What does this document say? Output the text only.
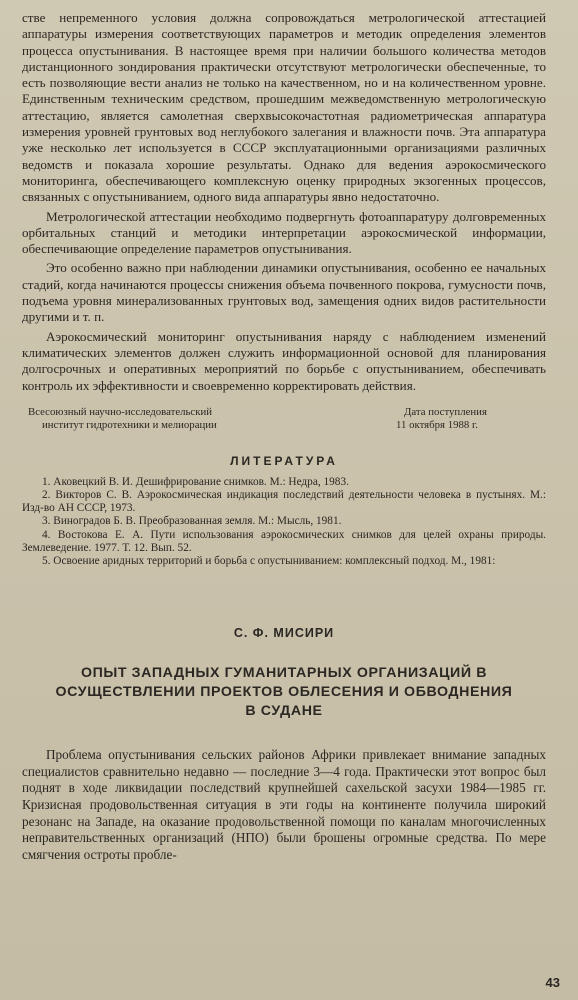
стве непременного условия должна сопровождаться метрологической аттестацией аппаратуры измерения соответствующих параметров и методик определения элементов процесса опустынивания. В настоящее время при наличии большого количества методов дистанционного зондирования практически отсутствуют метрологически обеспеченные, то есть позволяющие вести анализ не только на качественном, но и на количественном уровне. Единственным техническим средством, прошедшим межведомственную метрологическую аттестацию, является самолетная сверхвысокочастотная радиометрическая аппаратура измерения уровней грунтовых вод неглубокого залегания и влажности почв. Эта аппаратура уже несколько лет используется в СССР эксплуатационными организациями различных ведомств и показала хорошие результаты. Однако для ведения аэрокосмического мониторинга, обеспечивающего комплексную оценку природных экзогенных процессов, связанных с опустыниванием, одного вида аппаратуры явно недостаточно.

Метрологической аттестации необходимо подвергнуть фотоаппаратуру долговременных орбитальных станций и методики интерпретации аэрокосмической информации, обеспечивающие определение параметров опустынивания.

Это особенно важно при наблюдении динамики опустынивания, особенно ее начальных стадий, когда начинаются процессы снижения объема почвенного покрова, гумусности почв, подъема уровня минерализованных грунтовых вод, замещения одних видов растительности другими и т. п.

Аэрокосмический мониторинг опустынивания наряду с наблюдением изменений климатических элементов должен служить информационной основой для планирования долгосрочных и оперативных мероприятий по борьбе с опустыниванием, обеспечивать контроль их эффективности и своевременно корректировать действия.

Всесоюзный научно-исследовательский
институт гидротехники и мелиорации
Дата поступления
11 октября 1988 г.
ЛИТЕРАТУРА

1. Аковецкий В. И. Дешифрирование снимков. М.: Недра, 1983.

2. Викторов С. В. Аэрокосмическая индикация последствий деятельности человека в пустынях. М.: Изд-во АН СССР, 1973.

3. Виноградов Б. В. Преобразованная земля. М.: Мысль, 1981.

4. Востокова Е. А. Пути использования аэрокосмических снимков для целей охраны природы. Землеведение. 1977. Т. 12. Вып. 52.

5. Освоение аридных территорий и борьба с опустыниванием: комплексный подход. М., 1981:

С. Ф. МИСИРИ
ОПЫТ ЗАПАДНЫХ ГУМАНИТАРНЫХ ОРГАНИЗАЦИЙ В
ОСУЩЕСТВЛЕНИИ ПРОЕКТОВ ОБЛЕСЕНИЯ И ОБВОДНЕНИЯ
В СУДАНЕ

Проблема опустынивания сельских районов Африки привлекает внимание западных специалистов сравнительно недавно — последние 3—4 года. Практически этот вопрос был поднят в ходе ликвидации последствий крупнейшей сахельской засухи 1984—1985 гг. Кризисная продовольственная ситуация в эти годы на континенте получила широкий резонанс на Западе, на оказание продовольственной помощи по каналам многочисленных неправительственных организаций (НПО) были брошены огромные средства. По мере смягчения остроты пробле-

43
